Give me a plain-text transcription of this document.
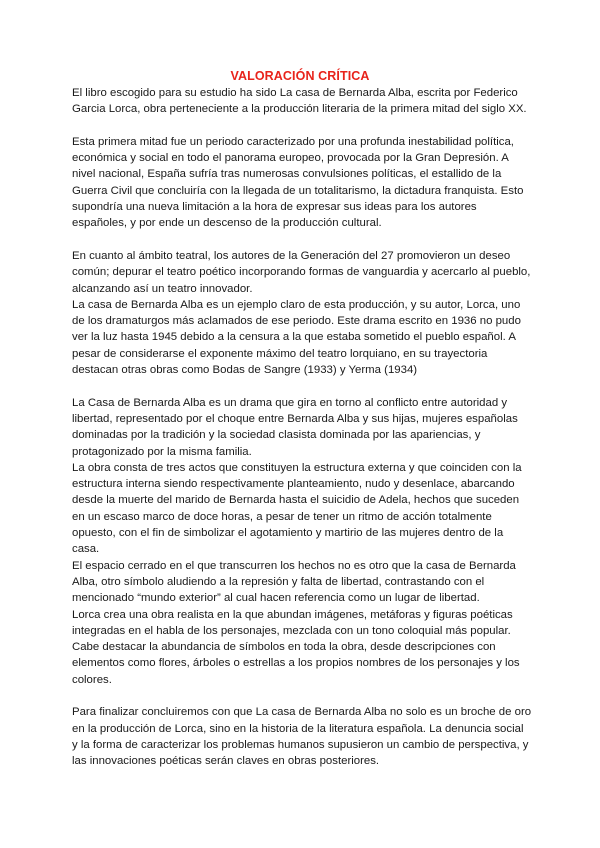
VALORACIÓN CRÍTICA

El libro escogido para su estudio ha sido La casa de Bernarda Alba, escrita por Federico Garcia Lorca, obra perteneciente a la producción literaria de la primera mitad del siglo XX.

Esta primera mitad fue un periodo caracterizado por una profunda inestabilidad política, económica y social en todo el panorama europeo, provocada por la Gran Depresión. A nivel nacional, España sufría tras numerosas convulsiones políticas, el estallido de la Guerra Civil que concluiría con la llegada de un totalitarismo, la dictadura franquista. Esto supondría una nueva limitación a la hora de expresar sus ideas para los autores españoles, y por ende un descenso de la producción cultural.

En cuanto al ámbito teatral, los autores de la Generación del 27 promovieron un deseo común; depurar el teatro poético incorporando formas de vanguardia y acercarlo al pueblo, alcanzando así un teatro innovador.

La casa de Bernarda Alba es un ejemplo claro de esta producción, y su autor, Lorca, uno de los dramaturgos más aclamados de ese periodo. Este drama escrito en 1936 no pudo ver la luz hasta 1945 debido a la censura a la que estaba sometido el pueblo español. A pesar de considerarse el exponente máximo del teatro lorquiano, en su trayectoria destacan otras obras como Bodas de Sangre (1933) y Yerma (1934)

La Casa de Bernarda Alba es un drama que gira en torno al conflicto entre autoridad y libertad, representado por el choque entre Bernarda Alba y sus hijas, mujeres españolas dominadas por la tradición y la sociedad clasista dominada por las apariencias, y protagonizado por la misma familia.

La obra consta de tres actos que constituyen la estructura externa y que coinciden con la estructura interna siendo respectivamente planteamiento, nudo y desenlace, abarcando desde la muerte del marido de Bernarda hasta el suicidio de Adela, hechos que suceden en un escaso marco de doce horas, a pesar de tener un ritmo de acción totalmente opuesto, con el fin de simbolizar el agotamiento y martirio de las mujeres dentro de la casa.

El espacio cerrado en el que transcurren los hechos no es otro que la casa de Bernarda Alba, otro símbolo aludiendo a la represión y falta de libertad, contrastando con el mencionado “mundo exterior” al cual hacen referencia como un lugar de libertad.

Lorca crea una obra realista en la que abundan imágenes, metáforas y figuras poéticas integradas en el habla de los personajes, mezclada con un tono coloquial más popular.

Cabe destacar la abundancia de símbolos en toda la obra, desde descripciones con elementos como flores, árboles o estrellas a los propios nombres de los personajes y los colores.

Para finalizar concluiremos con que La casa de Bernarda Alba no solo es un broche de oro en la producción de Lorca, sino en la historia de la literatura española. La denuncia social y la forma de caracterizar los problemas humanos supusieron un cambio de perspectiva, y las innovaciones poéticas serán claves en obras posteriores.
